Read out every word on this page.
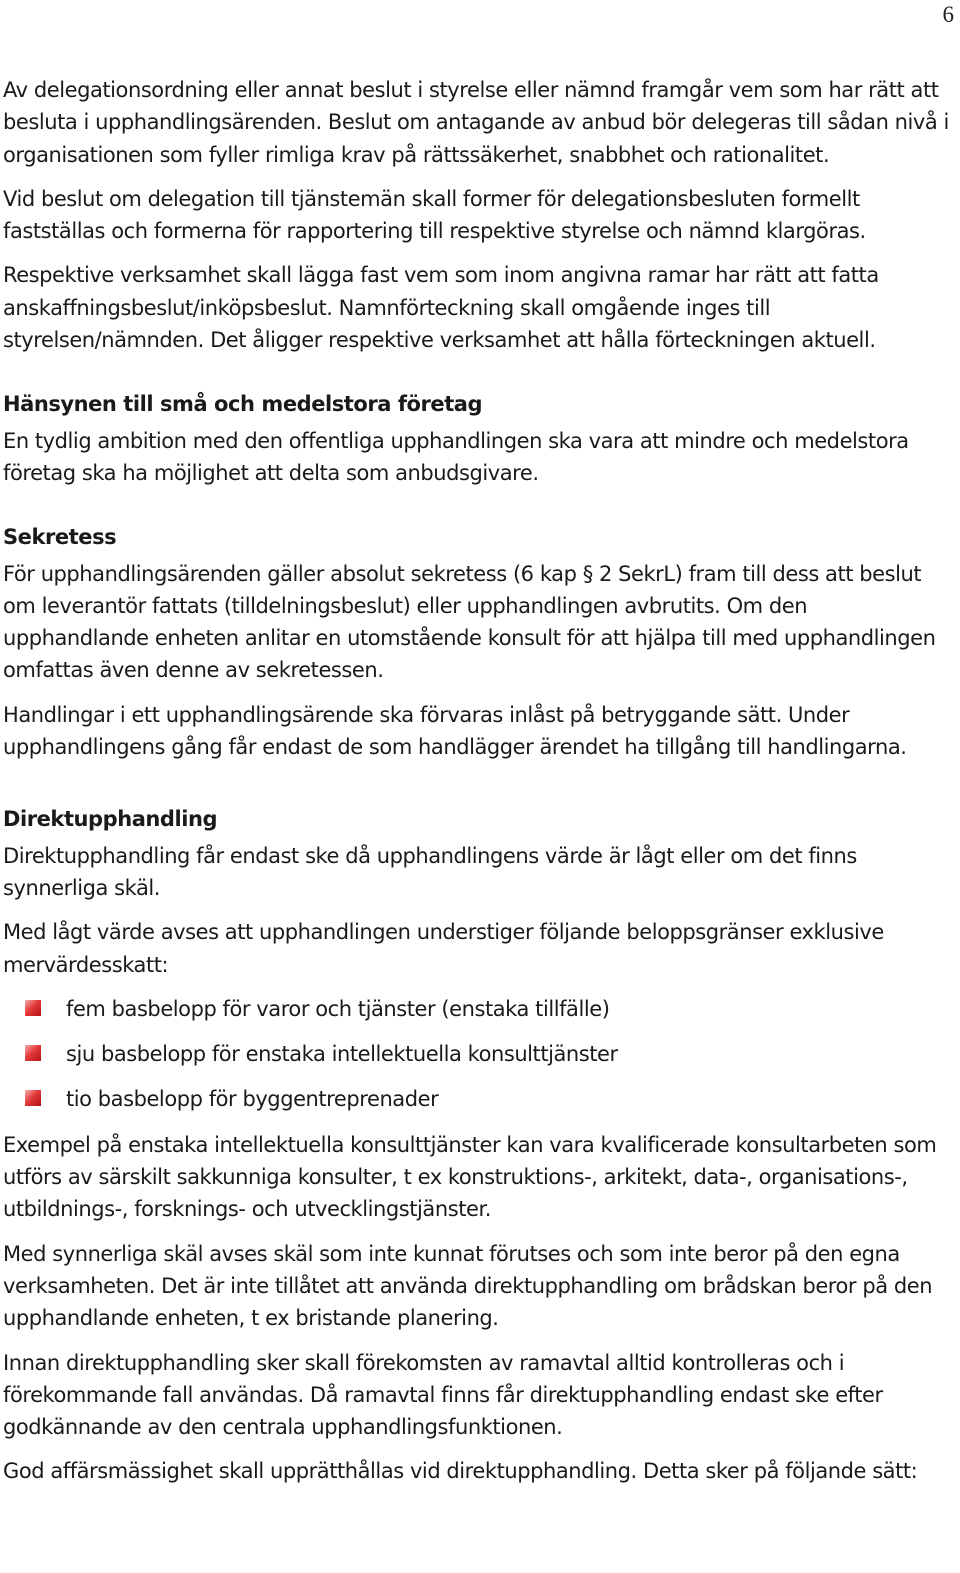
6

Av delegationsordning eller annat beslut i styrelse eller nämnd framgår vem som har rätt att besluta i upphandlingsärenden. Beslut om antagande av anbud bör delegeras till sådan nivå i organisationen som fyller rimliga krav på rättssäkerhet, snabbhet och rationalitet.

Vid beslut om delegation till tjänstemän skall former för delegationsbesluten formellt fastställas och formerna för rapportering till respektive styrelse och nämnd klargöras.

Respektive verksamhet skall lägga fast vem som inom angivna ramar har rätt att fatta anskaffningsbeslut/inköpsbeslut. Namnförteckning skall omgående inges till styrelsen/nämnden. Det åligger respektive verksamhet att hålla förteckningen aktuell.

Hänsynen till små och medelstora företag

En tydlig ambition med den offentliga upphandlingen ska vara att mindre och medelstora företag ska ha möjlighet att delta som anbudsgivare.

Sekretess

För upphandlingsärenden gäller absolut sekretess (6 kap § 2 SekrL) fram till dess att beslut om leverantör fattats (tilldelningsbeslut) eller upphandlingen avbrutits. Om den upphandlande enheten anlitar en utomstående konsult för att hjälpa till med upphandlingen omfattas även denne av sekretessen.

Handlingar i ett upphandlingsärende ska förvaras inlåst på betryggande sätt. Under upphandlingens gång får endast de som handlägger ärendet ha tillgång till handlingarna.

Direktupphandling

Direktupphandling får endast ske då upphandlingens värde är lågt eller om det finns synnerliga skäl.

Med lågt värde avses att upphandlingen understiger följande beloppsgränser exklusive mervärdesskatt:

fem basbelopp för varor och tjänster (enstaka tillfälle)
sju basbelopp för enstaka intellektuella konsulttjänster
tio basbelopp för byggentreprenader

Exempel på enstaka intellektuella konsulttjänster kan vara kvalificerade konsultarbeten som utförs av särskilt sakkunniga konsulter, t ex konstruktions-, arkitekt, data-, organisations-, utbildnings-, forsknings- och utvecklingstjänster.

Med synnerliga skäl avses skäl som inte kunnat förutses och som inte beror på den egna verksamheten. Det är inte tillåtet att använda direktupphandling om brådskan beror på den upphandlande enheten, t ex bristande planering.

Innan direktupphandling sker skall förekomsten av ramavtal alltid kontrolleras och i förekommande fall användas. Då ramavtal finns får direktupphandling endast ske efter godkännande av den centrala upphandlingsfunktionen.

God affärsmässighet skall upprätthållas vid direktupphandling. Detta sker på följande sätt:
